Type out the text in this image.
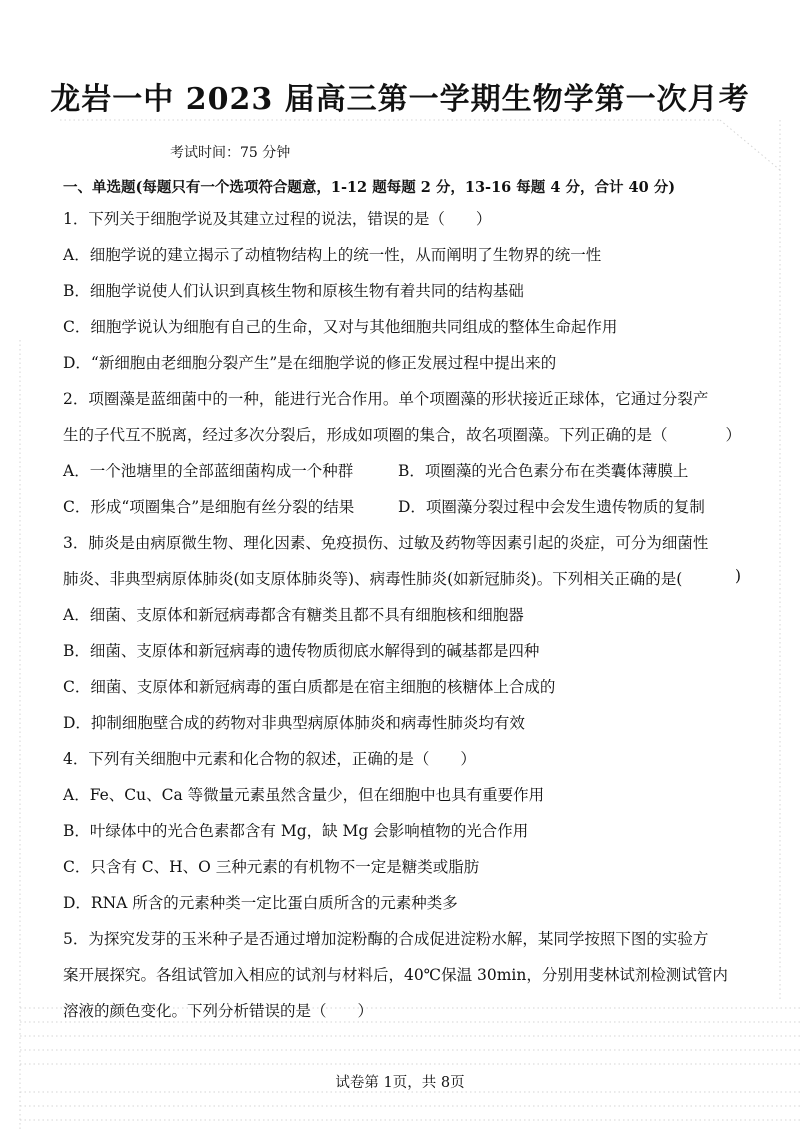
龙岩一中 2023 届高三第一学期生物学第一次月考
考试时间：75 分钟
一、单选题(每题只有一个选项符合题意，1-12 题每题 2 分，13-16 每题 4 分，合计 40 分)
1．下列关于细胞学说及其建立过程的说法，错误的是（　　）
A．细胞学说的建立揭示了动植物结构上的统一性，从而阐明了生物界的统一性
B．细胞学说使人们认识到真核生物和原核生物有着共同的结构基础
C．细胞学说认为细胞有自己的生命，又对与其他细胞共同组成的整体生命起作用
D．“新细胞由老细胞分裂产生”是在细胞学说的修正发展过程中提出来的
2．项圈藻是蓝细菌中的一种，能进行光合作用。单个项圈藻的形状接近正球体，它通过分裂产
生的子代互不脱离，经过多次分裂后，形成如项圈的集合，故名项圈藻。下列正确的是（	）
A．一个池塘里的全部蓝细菌构成一个种群	B．项圈藻的光合色素分布在类囊体薄膜上
C．形成“项圈集合”是细胞有丝分裂的结果	D．项圈藻分裂过程中会发生遗传物质的复制
3．肺炎是由病原微生物、理化因素、免疫损伤、过敏及药物等因素引起的炎症，可分为细菌性
肺炎、非典型病原体肺炎(如支原体肺炎等)、病毒性肺炎(如新冠肺炎)。下列相关正确的是(	)
A．细菌、支原体和新冠病毒都含有糖类且都不具有细胞核和细胞器
B．细菌、支原体和新冠病毒的遗传物质彻底水解得到的碱基都是四种
C．细菌、支原体和新冠病毒的蛋白质都是在宿主细胞的核糖体上合成的
D．抑制细胞壁合成的药物对非典型病原体肺炎和病毒性肺炎均有效
4．下列有关细胞中元素和化合物的叙述，正确的是（　　）
A．Fe、Cu、Ca 等微量元素虽然含量少，但在细胞中也具有重要作用
B．叶绿体中的光合色素都含有 Mg，缺 Mg 会影响植物的光合作用
C．只含有 C、H、O 三种元素的有机物不一定是糖类或脂肪
D．RNA 所含的元素种类一定比蛋白质所含的元素种类多
5．为探究发芽的玉米种子是否通过增加淀粉酶的合成促进淀粉水解，某同学按照下图的实验方
案开展探究。各组试管加入相应的试剂与材料后，40℃保温 30min，分别用斐林试剂检测试管内
溶液的颜色变化。下列分析错误的是（　　）
试卷第 1页，共 8页
